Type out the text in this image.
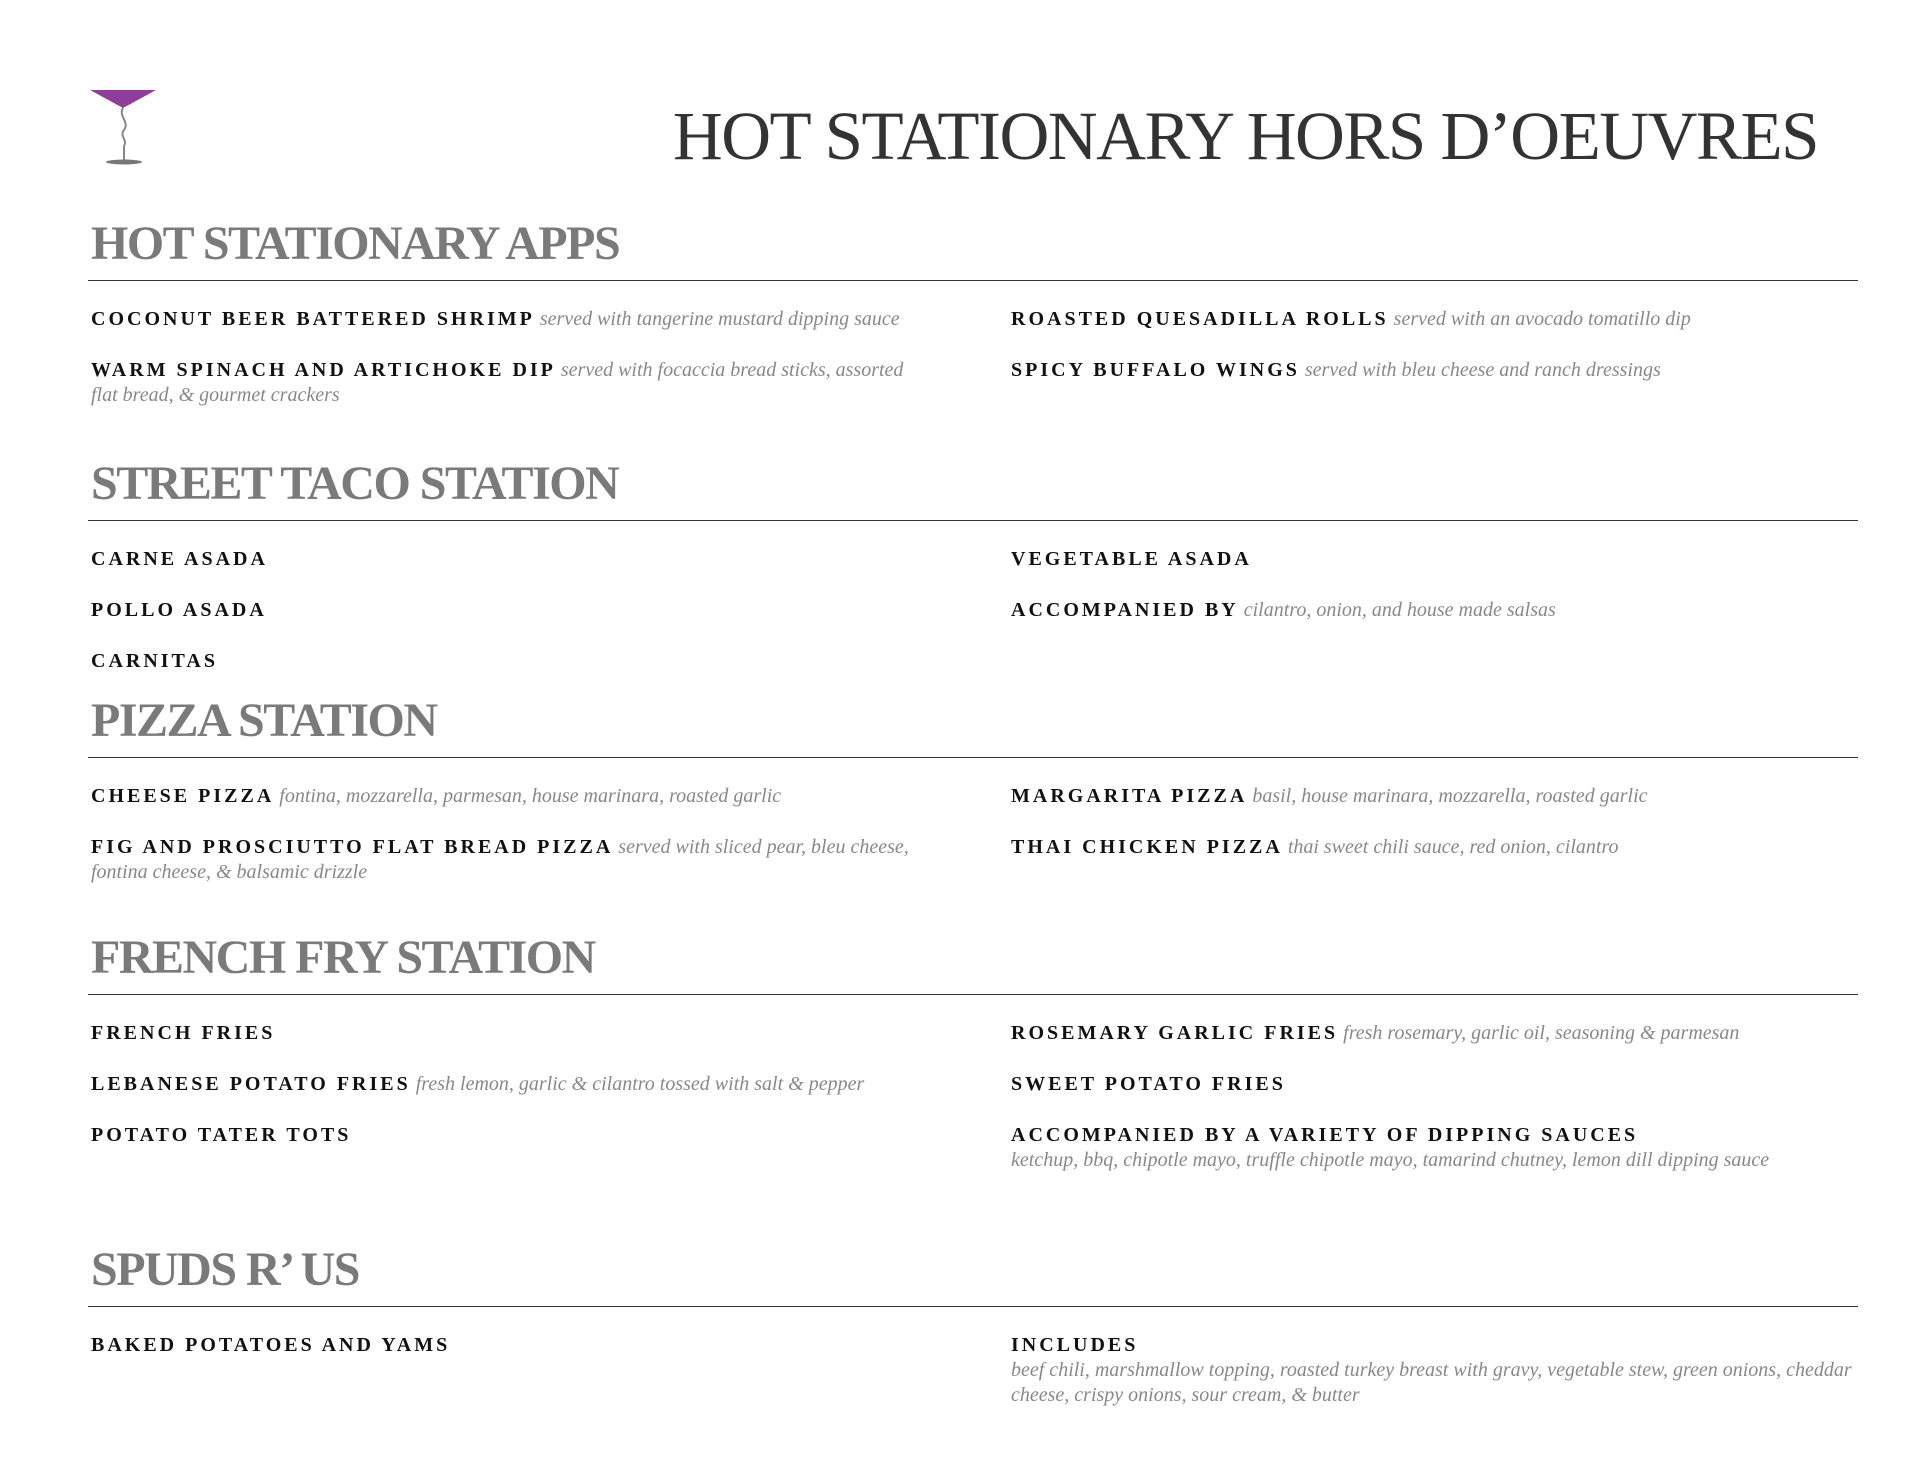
HOT STATIONARY HORS D’OEUVRES
HOT STATIONARY APPS
COCONUT BEER BATTERED SHRIMP served with tangerine mustard dipping sauce
WARM SPINACH AND ARTICHOKE DIP served with focaccia bread sticks, assorted flat bread, & gourmet crackers
ROASTED QUESADILLA ROLLS served with an avocado tomatillo dip
SPICY BUFFALO WINGS served with bleu cheese and ranch dressings
STREET TACO STATION
CARNE ASADA
POLLO ASADA
CARNITAS
VEGETABLE ASADA
ACCOMPANIED BY cilantro, onion, and house made salsas
PIZZA STATION
CHEESE PIZZA fontina, mozzarella, parmesan, house marinara, roasted garlic
FIG AND PROSCIUTTO FLAT BREAD PIZZA served with sliced pear, bleu cheese, fontina cheese, & balsamic drizzle
MARGARITA PIZZA basil, house marinara, mozzarella, roasted garlic
THAI CHICKEN PIZZA thai sweet chili sauce, red onion, cilantro
FRENCH FRY STATION
FRENCH FRIES
LEBANESE POTATO FRIES fresh lemon, garlic & cilantro tossed with salt & pepper
POTATO TATER TOTS
ROSEMARY GARLIC FRIES fresh rosemary, garlic oil, seasoning & parmesan
SWEET POTATO FRIES
ACCOMPANIED BY A VARIETY OF DIPPING SAUCES
ketchup, bbq, chipotle mayo, truffle chipotle mayo, tamarind chutney, lemon dill dipping sauce
SPUDS R’ US
BAKED POTATOES AND YAMS	INCLUDES
beef chili, marshmallow topping, roasted turkey breast with gravy, vegetable stew, green onions, cheddar cheese, crispy onions, sour cream, & butter
